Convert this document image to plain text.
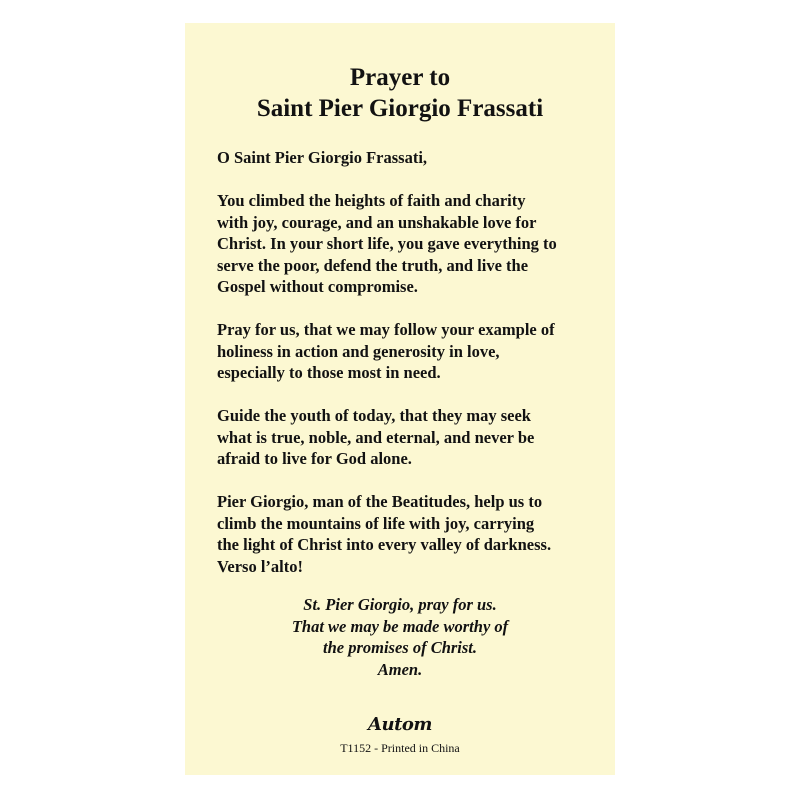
Prayer to
Saint Pier Giorgio Frassati

O Saint Pier Giorgio Frassati,

You climbed the heights of faith and charity
with joy, courage, and an unshakable love for
Christ. In your short life, you gave everything to
serve the poor, defend the truth, and live the
Gospel without compromise.

Pray for us, that we may follow your example of
holiness in action and generosity in love,
especially to those most in need.

Guide the youth of today, that they may seek
what is true, noble, and eternal, and never be
afraid to live for God alone.

Pier Giorgio, man of the Beatitudes, help us to
climb the mountains of life with joy, carrying
the light of Christ into every valley of darkness.
Verso l’alto!

St. Pier Giorgio, pray for us.
That we may be made worthy of
the promises of Christ.
Amen.
Autom
T1152 - Printed in China
